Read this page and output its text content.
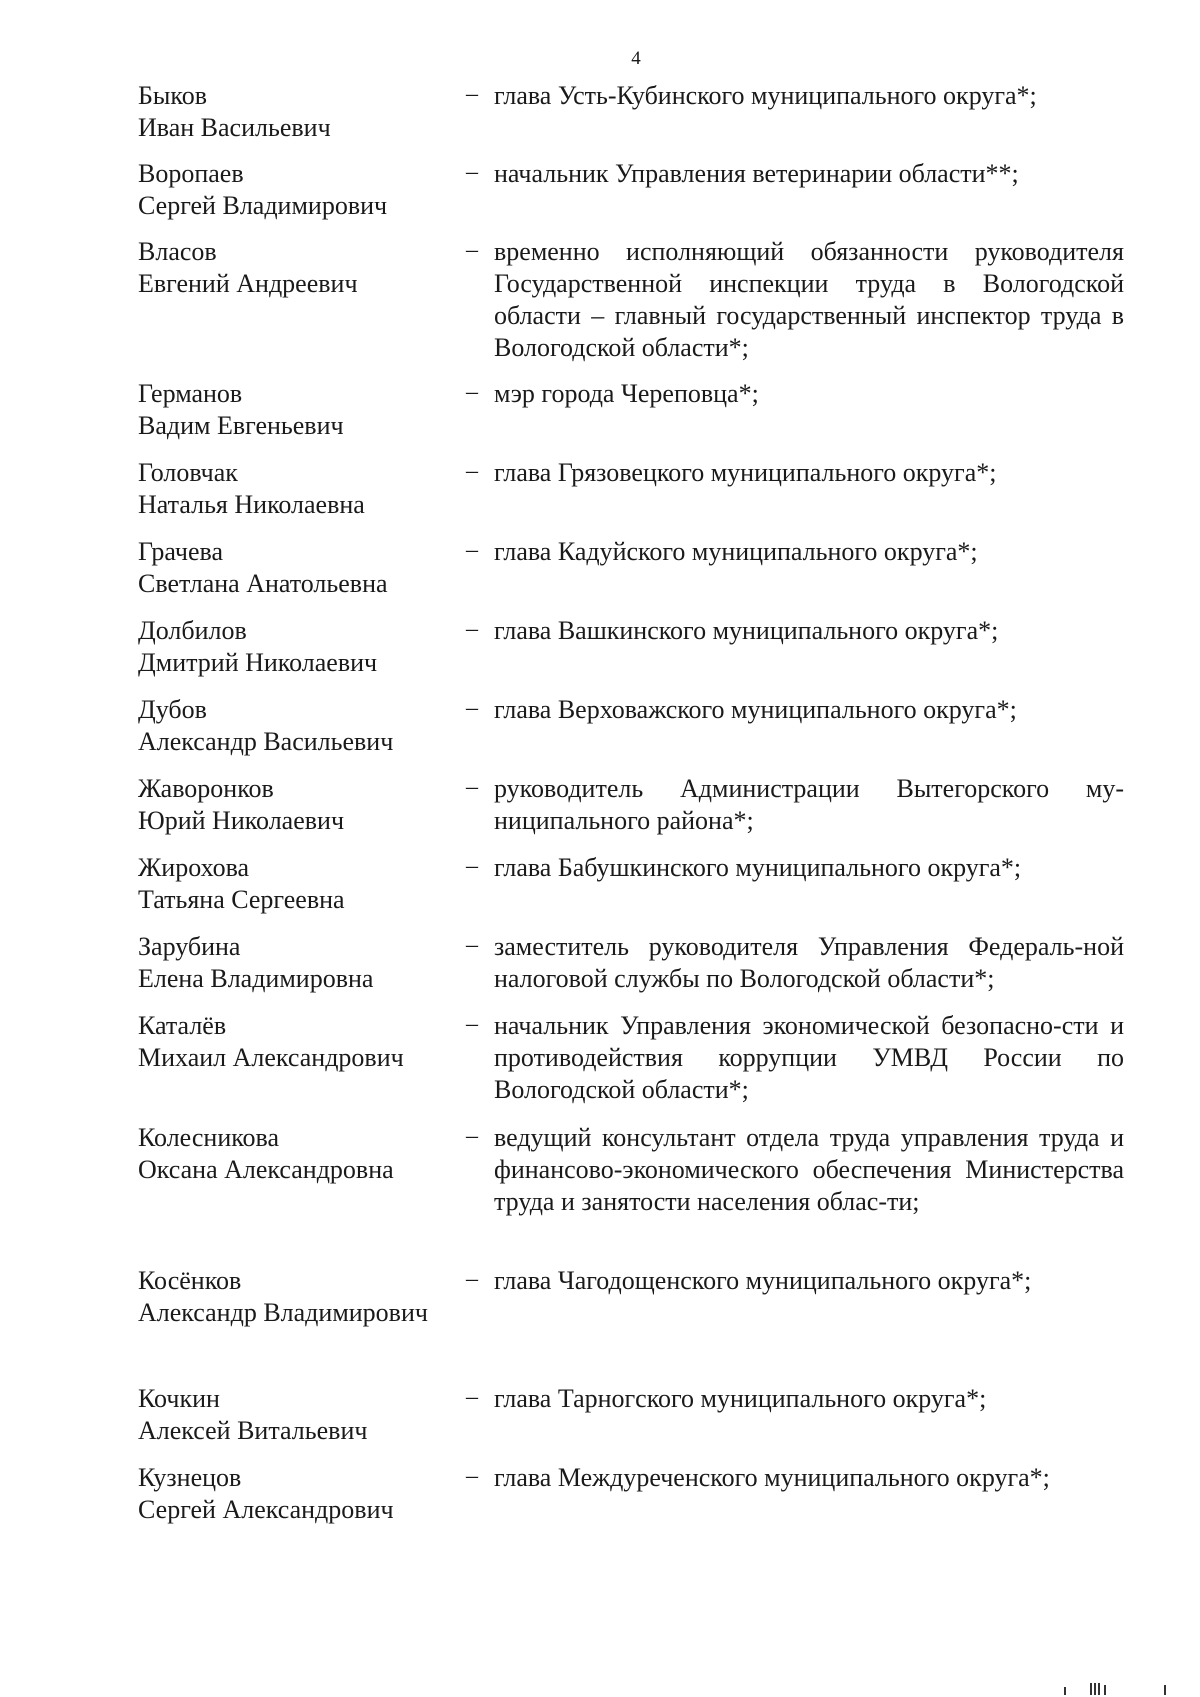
4
Быков
Иван Васильевич
– глава Усть-Кубинского муниципального округа*;
Воропаев
Сергей Владимирович
– начальник Управления ветеринарии области**;
Власов
Евгений Андреевич
– временно исполняющий обязанности руководителя Государственной инспекции труда в Вологодской области – главный государственный инспектор труда в Вологодской области*;
Германов
Вадим Евгеньевич
– мэр города Череповца*;
Головчак
Наталья Николаевна
– глава Грязовецкого муниципального округа*;
Грачева
Светлана Анатольевна
– глава Кадуйского муниципального округа*;
Долбилов
Дмитрий Николаевич
– глава Вашкинского муниципального округа*;
Дубов
Александр Васильевич
– глава Верховажского муниципального округа*;
Жаворонков
Юрий Николаевич
– руководитель Администрации Вытегорского му-ниципального района*;
Жирохова
Татьяна Сергеевна
– глава Бабушкинского муниципального округа*;
Зарубина
Елена Владимировна
– заместитель руководителя Управления Федераль-ной налоговой службы по Вологодской области*;
Каталёв
Михаил Александрович
– начальник Управления экономической безопасно-сти и противодействия коррупции УМВД России по Вологодской области*;
Колесникова
Оксана Александровна
– ведущий консультант отдела труда управления труда и финансово-экономического обеспечения Министерства труда и занятости населения облас-ти;
Косёнков
Александр Владимирович
– глава Чагодощенского муниципального округа*;
Кочкин
Алексей Витальевич
– глава Тарногского муниципального округа*;
Кузнецов
Сергей Александрович
– глава Междуреченского муниципального округа*;
